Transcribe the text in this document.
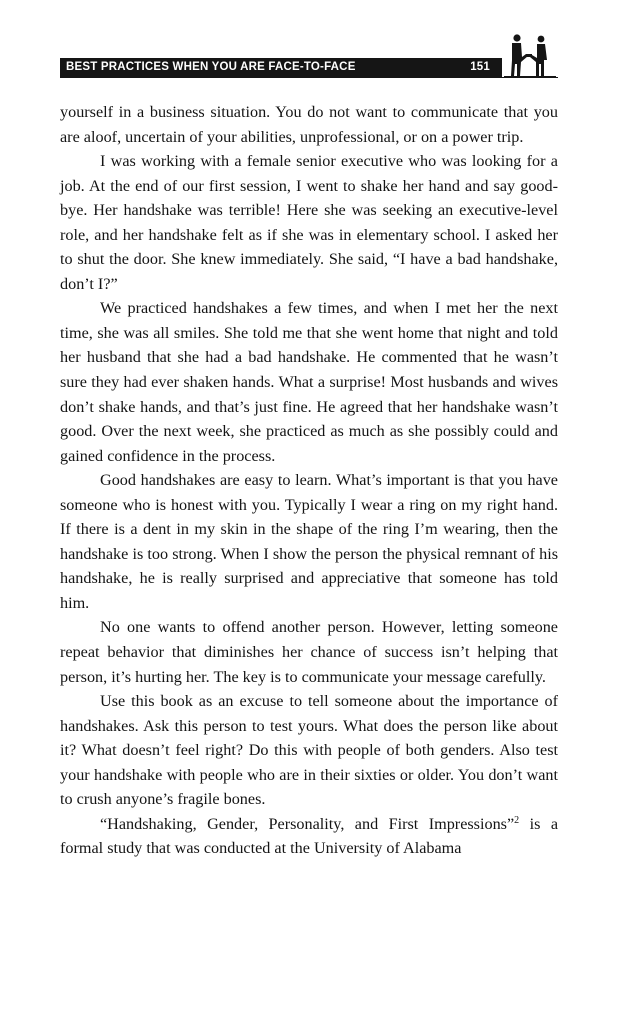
BEST PRACTICES WHEN YOU ARE FACE-TO-FACE	151

yourself in a business situation. You do not want to communicate that you are aloof, uncertain of your abilities, unprofessional, or on a power trip.

I was working with a female senior executive who was looking for a job. At the end of our first session, I went to shake her hand and say good-bye. Her handshake was terrible! Here she was seeking an executive-level role, and her handshake felt as if she was in elementary school. I asked her to shut the door. She knew immediately. She said, “I have a bad handshake, don’t I?”

We practiced handshakes a few times, and when I met her the next time, she was all smiles. She told me that she went home that night and told her husband that she had a bad handshake. He commented that he wasn’t sure they had ever shaken hands. What a surprise! Most husbands and wives don’t shake hands, and that’s just fine. He agreed that her handshake wasn’t good. Over the next week, she practiced as much as she possibly could and gained confidence in the process.

Good handshakes are easy to learn. What’s important is that you have someone who is honest with you. Typically I wear a ring on my right hand. If there is a dent in my skin in the shape of the ring I’m wearing, then the handshake is too strong. When I show the person the physical remnant of his handshake, he is really surprised and appreciative that someone has told him.

No one wants to offend another person. However, letting someone repeat behavior that diminishes her chance of success isn’t helping that person, it’s hurting her. The key is to communicate your message carefully.

Use this book as an excuse to tell someone about the importance of handshakes. Ask this person to test yours. What does the person like about it? What doesn’t feel right? Do this with people of both genders. Also test your handshake with people who are in their sixties or older. You don’t want to crush anyone’s fragile bones.

“Handshaking, Gender, Personality, and First Impressions”$^2$ is a formal study that was conducted at the University of Alabama
